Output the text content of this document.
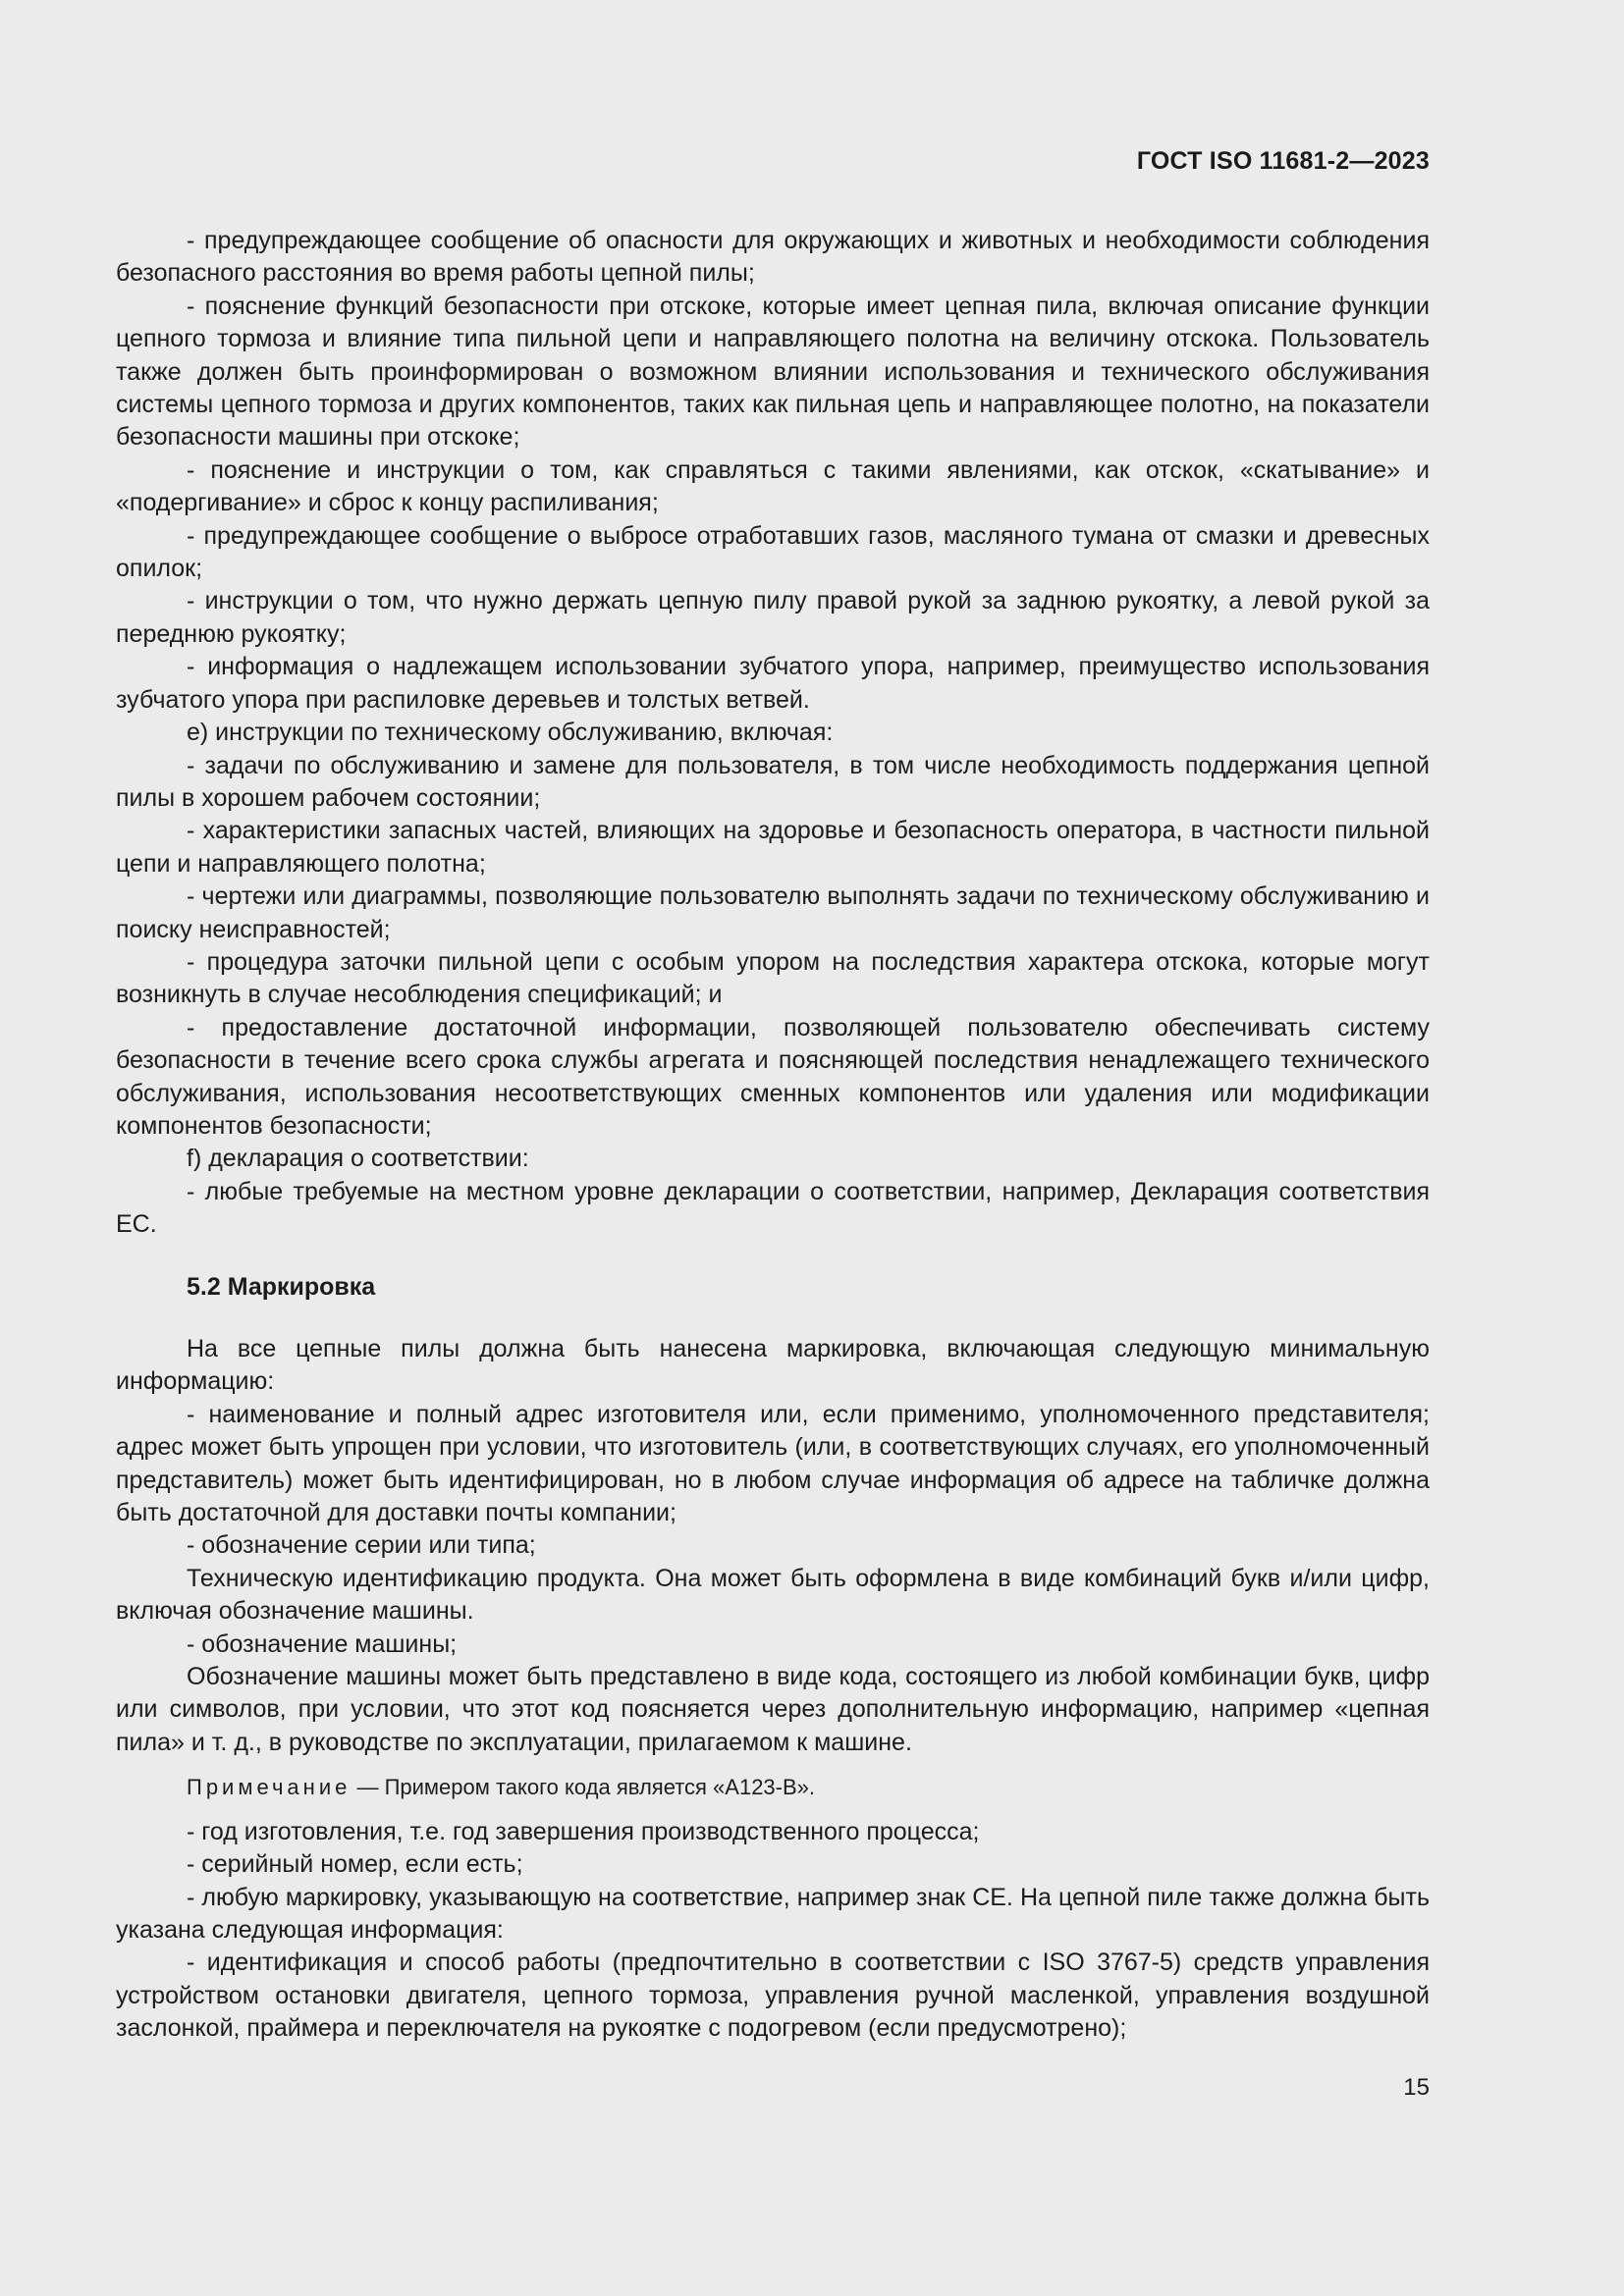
ГОСТ ISO 11681-2—2023

- предупреждающее сообщение об опасности для окружающих и животных и необходимости соблюдения безопасного расстояния во время работы цепной пилы;

- пояснение функций безопасности при отскоке, которые имеет цепная пила, включая описание функции цепного тормоза и влияние типа пильной цепи и направляющего полотна на величину отскока. Пользователь также должен быть проинформирован о возможном влиянии использования и технического обслуживания системы цепного тормоза и других компонентов, таких как пильная цепь и направляющее полотно, на показатели безопасности машины при отскоке;

- пояснение и инструкции о том, как справляться с такими явлениями, как отскок, «скатывание» и «подергивание» и сброс к концу распиливания;

- предупреждающее сообщение о выбросе отработавших газов, масляного тумана от смазки и древесных опилок;

- инструкции о том, что нужно держать цепную пилу правой рукой за заднюю рукоятку, а левой рукой за переднюю рукоятку;

- информация о надлежащем использовании зубчатого упора, например, преимущество использования зубчатого упора при распиловке деревьев и толстых ветвей.

e) инструкции по техническому обслуживанию, включая:

- задачи по обслуживанию и замене для пользователя, в том числе необходимость поддержания цепной пилы в хорошем рабочем состоянии;

- характеристики запасных частей, влияющих на здоровье и безопасность оператора, в частности пильной цепи и направляющего полотна;

- чертежи или диаграммы, позволяющие пользователю выполнять задачи по техническому обслуживанию и поиску неисправностей;

- процедура заточки пильной цепи с особым упором на последствия характера отскока, которые могут возникнуть в случае несоблюдения спецификаций; и

- предоставление достаточной информации, позволяющей пользователю обеспечивать систему безопасности в течение всего срока службы агрегата и поясняющей последствия ненадлежащего технического обслуживания, использования несоответствующих сменных компонентов или удаления или модификации компонентов безопасности;

f) декларация о соответствии:

- любые требуемые на местном уровне декларации о соответствии, например, Декларация соответствия ЕС.

5.2 Маркировка

На все цепные пилы должна быть нанесена маркировка, включающая следующую минимальную информацию:

- наименование и полный адрес изготовителя или, если применимо, уполномоченного представителя; адрес может быть упрощен при условии, что изготовитель (или, в соответствующих случаях, его уполномоченный представитель) может быть идентифицирован, но в любом случае информация об адресе на табличке должна быть достаточной для доставки почты компании;

- обозначение серии или типа;

Техническую идентификацию продукта. Она может быть оформлена в виде комбинаций букв и/или цифр, включая обозначение машины.

- обозначение машины;

Обозначение машины может быть представлено в виде кода, состоящего из любой комбинации букв, цифр или символов, при условии, что этот код поясняется через дополнительную информацию, например «цепная пила» и т. д., в руководстве по эксплуатации, прилагаемом к машине.

Примечание — Примером такого кода является «A123-B».

- год изготовления, т.е. год завершения производственного процесса;

- серийный номер, если есть;

- любую маркировку, указывающую на соответствие, например знак CE. На цепной пиле также должна быть указана следующая информация:

- идентификация и способ работы (предпочтительно в соответствии с ISO 3767-5) средств управления устройством остановки двигателя, цепного тормоза, управления ручной масленкой, управления воздушной заслонкой, праймера и переключателя на рукоятке с подогревом (если предусмотрено);

15
